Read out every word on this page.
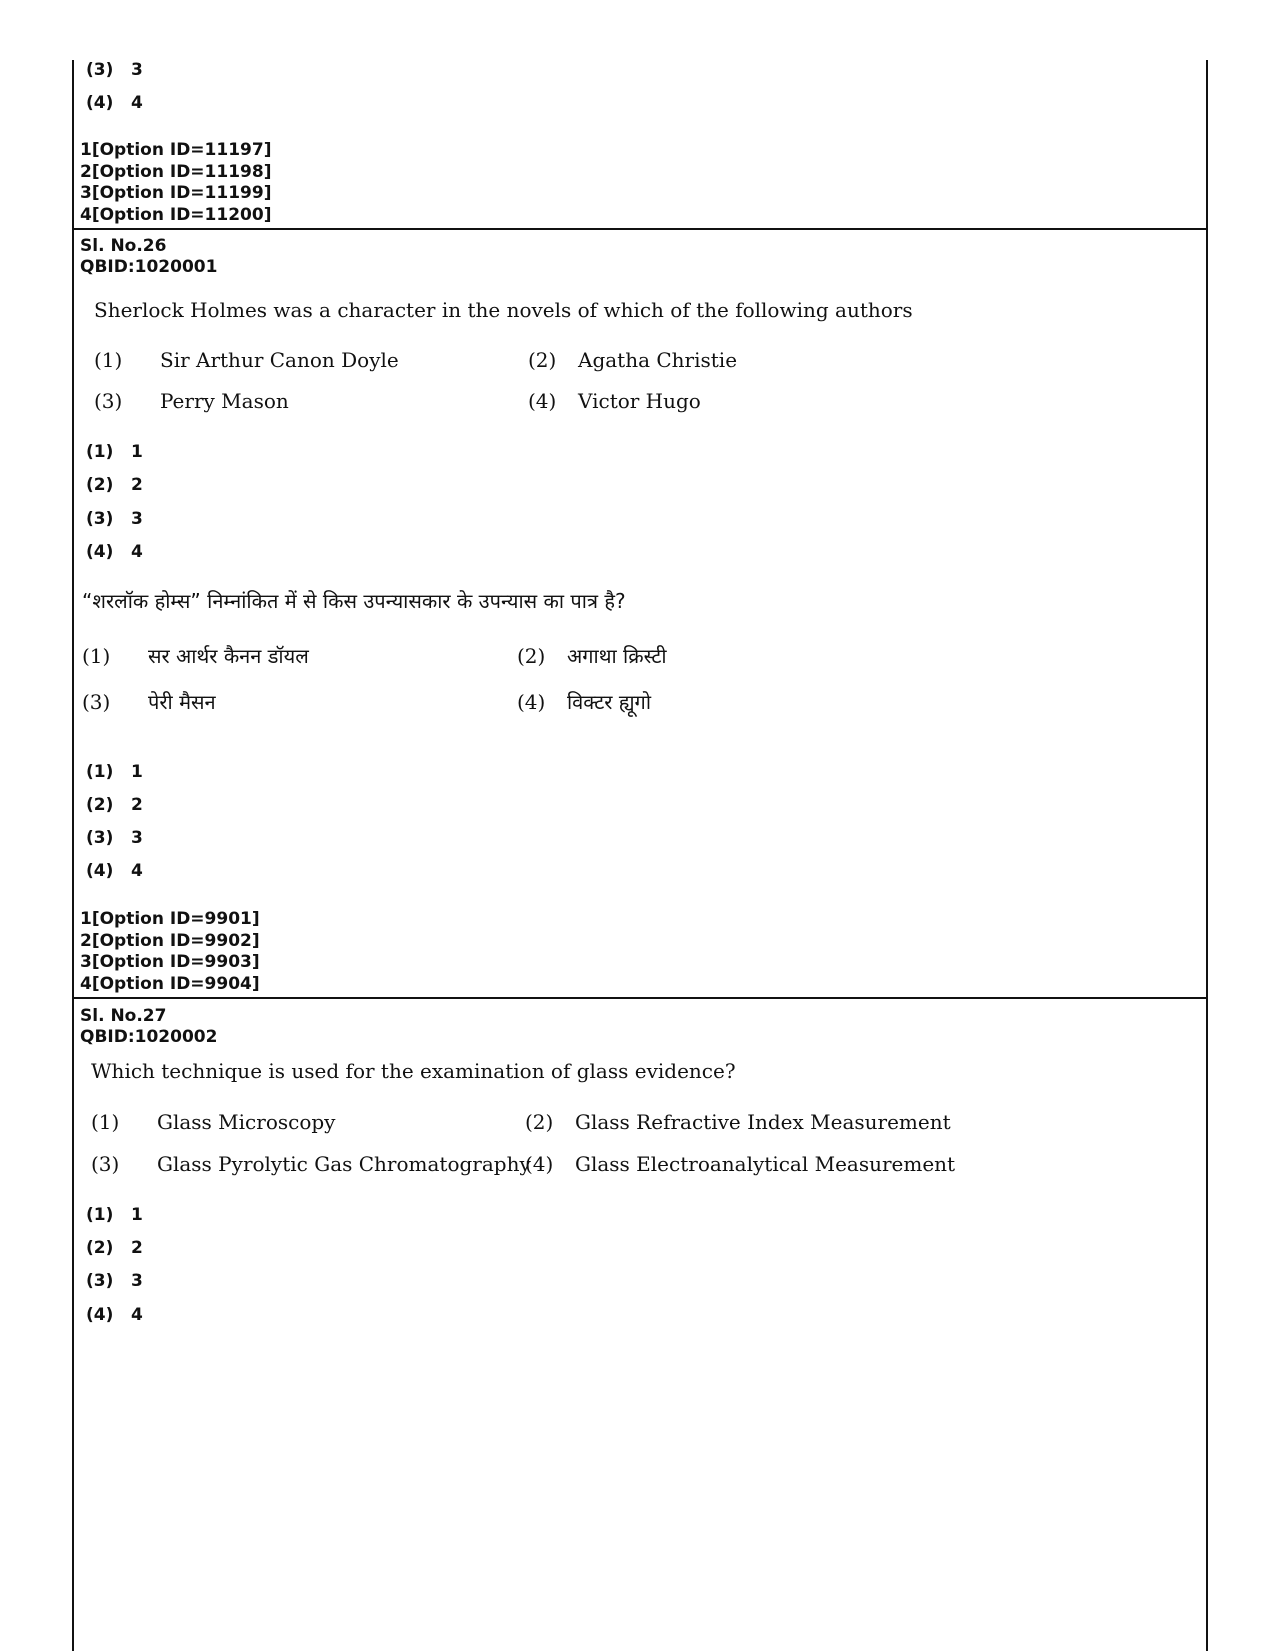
(3) 3
(4) 4
1[Option ID=11197]
2[Option ID=11198]
3[Option ID=11199]
4[Option ID=11200]
Sl. No.26
QBID:1020001
Sherlock Holmes was a character in the novels of which of the following authors
(1) Sir Arthur Canon Doyle	(2) Agatha Christie
(3) Perry Mason	(4) Victor Hugo
(1) 1
(2) 2
(3) 3
(4) 4
“शरलॉक होम्स” निम्नांकित में से किस उपन्यासकार के उपन्यास का पात्र है?
(1) सर आर्थर कैनन डॉयल	(2) अगाथा क्रिस्टी
(3) पेरी मैसन	(4) विक्टर ह्यूगो
(1) 1
(2) 2
(3) 3
(4) 4
1[Option ID=9901]
2[Option ID=9902]
3[Option ID=9903]
4[Option ID=9904]
Sl. No.27
QBID:1020002
Which technique is used for the examination of glass evidence?
(1) Glass Microscopy	(2) Glass Refractive Index Measurement
(3) Glass Pyrolytic Gas Chromatography
(4) Glass Electroanalytical Measurement
(1) 1
(2) 2
(3) 3
(4) 4
